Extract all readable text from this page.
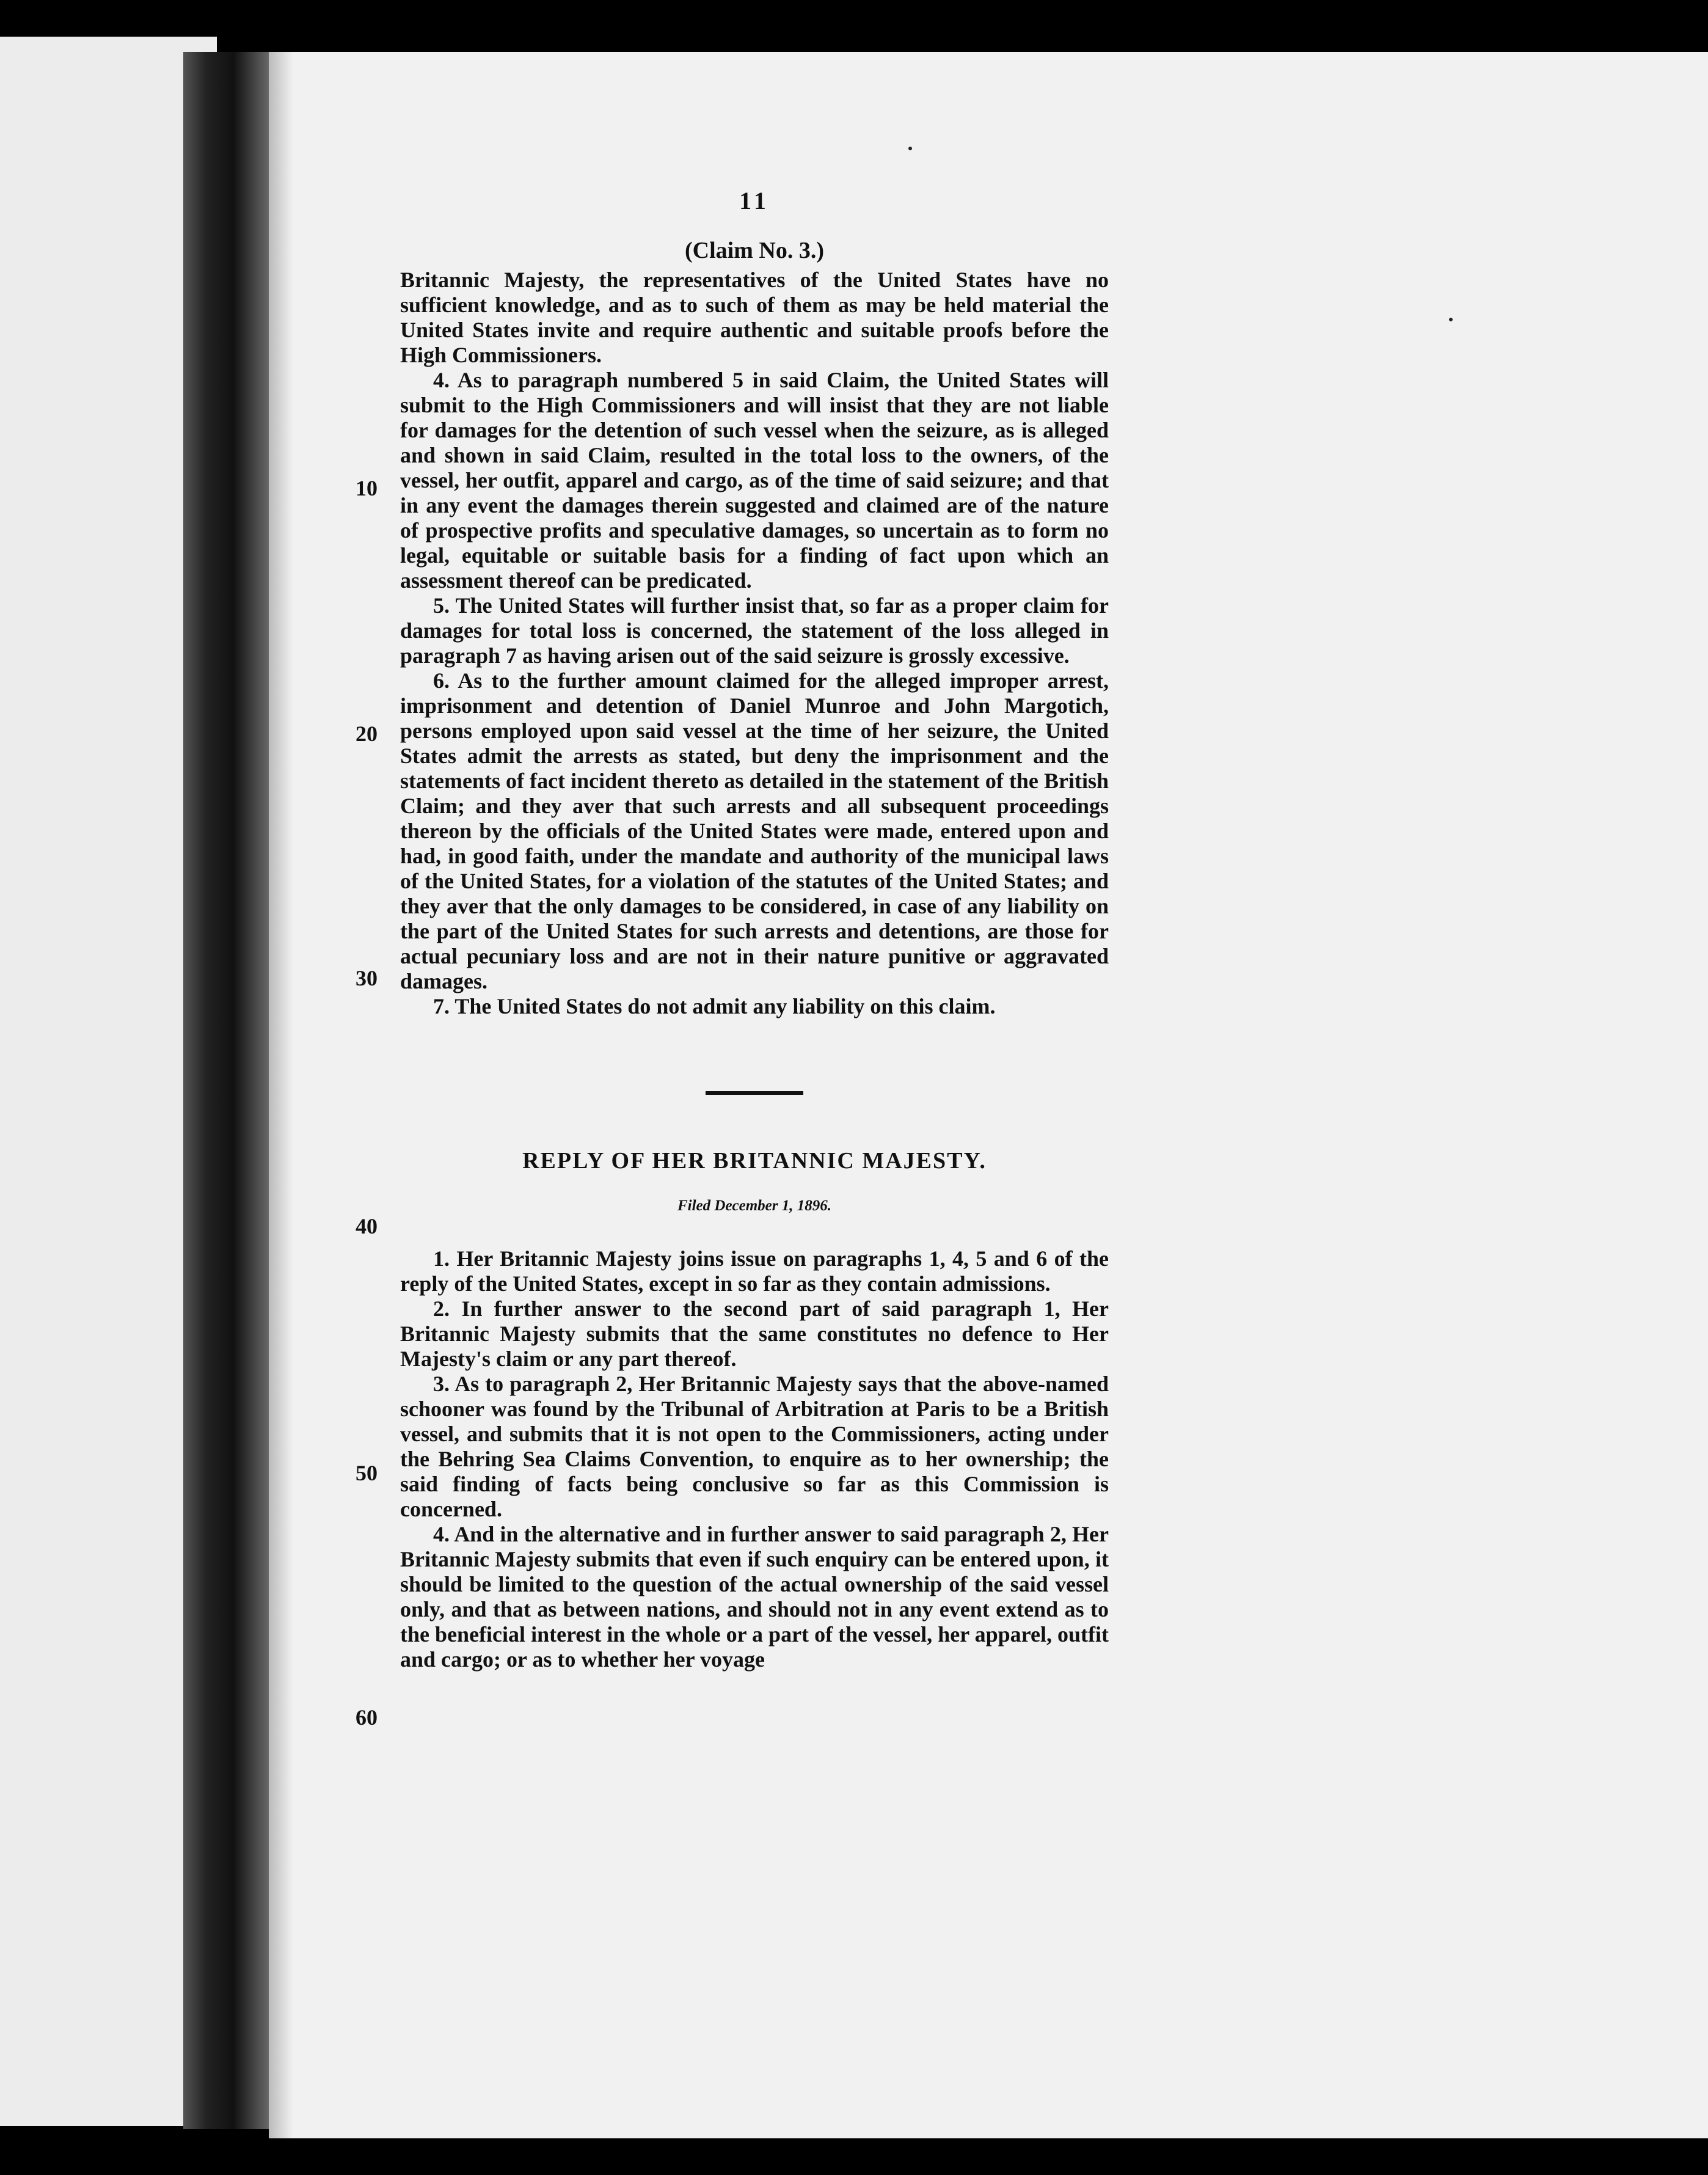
10
20
30
40
50
60
11
(Claim No. 3.)

Britannic Majesty, the representatives of the United States have no sufficient knowledge, and as to such of them as may be held material the United States invite and require authentic and suitable proofs before the High Commissioners.

4. As to paragraph numbered 5 in said Claim, the United States will submit to the High Commissioners and will insist that they are not liable for damages for the detention of such vessel when the seizure, as is alleged and shown in said Claim, resulted in the total loss to the owners, of the vessel, her outfit, apparel and cargo, as of the time of said seizure; and that in any event the damages therein suggested and claimed are of the nature of prospective profits and speculative damages, so uncertain as to form no legal, equitable or suitable basis for a finding of fact upon which an assessment thereof can be predicated.

5. The United States will further insist that, so far as a proper claim for damages for total loss is concerned, the statement of the loss alleged in paragraph 7 as having arisen out of the said seizure is grossly excessive.

6. As to the further amount claimed for the alleged improper arrest, imprisonment and detention of Daniel Munroe and John Margotich, persons employed upon said vessel at the time of her seizure, the United States admit the arrests as stated, but deny the imprisonment and the statements of fact incident thereto as detailed in the statement of the British Claim; and they aver that such arrests and all subsequent proceedings thereon by the officials of the United States were made, entered upon and had, in good faith, under the mandate and authority of the municipal laws of the United States, for a violation of the statutes of the United States; and they aver that the only damages to be considered, in case of any liability on the part of the United States for such arrests and detentions, are those for actual pecuniary loss and are not in their nature punitive or aggravated damages.

7. The United States do not admit any liability on this claim.

REPLY OF HER BRITANNIC MAJESTY.
Filed December 1, 1896.

1. Her Britannic Majesty joins issue on paragraphs 1, 4, 5 and 6 of the reply of the United States, except in so far as they contain admissions.

2. In further answer to the second part of said paragraph 1, Her Britannic Majesty submits that the same constitutes no defence to Her Majesty's claim or any part thereof.

3. As to paragraph 2, Her Britannic Majesty says that the above-named schooner was found by the Tribunal of Arbitration at Paris to be a British vessel, and submits that it is not open to the Commissioners, acting under the Behring Sea Claims Convention, to enquire as to her ownership; the said finding of facts being conclusive so far as this Commission is concerned.

4. And in the alternative and in further answer to said paragraph 2, Her Britannic Majesty submits that even if such enquiry can be entered upon, it should be limited to the question of the actual ownership of the said vessel only, and that as between nations, and should not in any event extend as to the beneficial interest in the whole or a part of the vessel, her apparel, outfit and cargo; or as to whether her voyage
